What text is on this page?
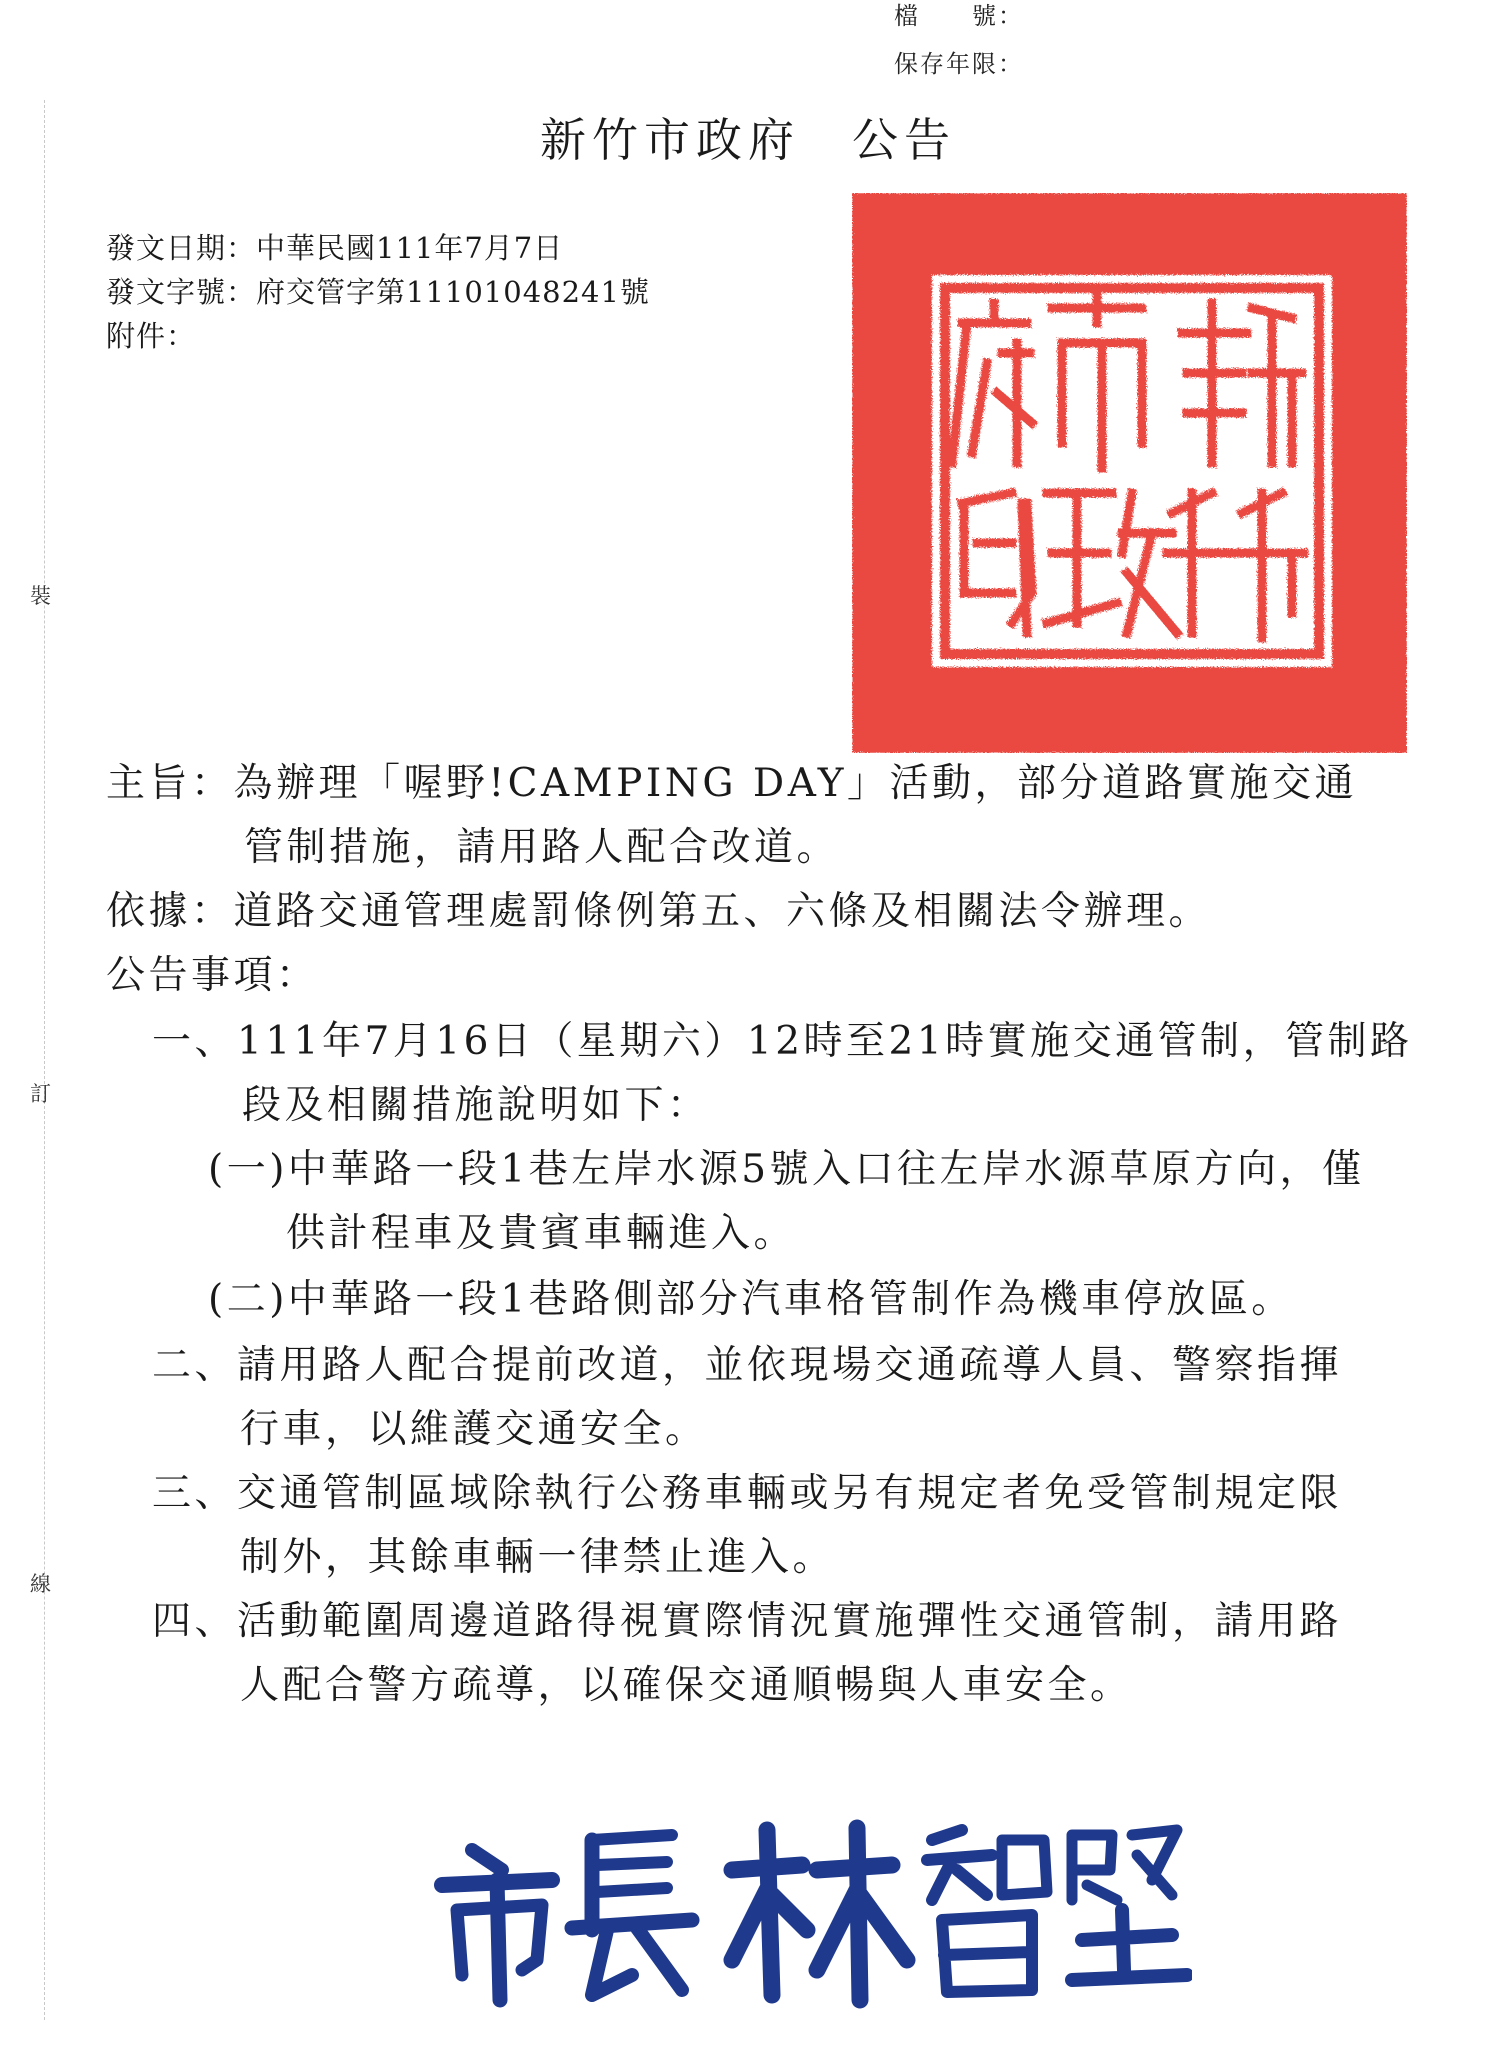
裝
訂
線
檔　　號：
保存年限：
新竹市政府　公告
發文日期：中華民國111年7月7日
發文字號：府交管字第11101048241號
附件：
主旨：為辦理「喔野!CAMPING DAY」活動，部分道路實施交通
管制措施，請用路人配合改道。
依據：道路交通管理處罰條例第五、六條及相關法令辦理。
公告事項：
一、111年7月16日（星期六）12時至21時實施交通管制，管制路
段及相關措施說明如下：
(一)中華路一段1巷左岸水源5號入口往左岸水源草原方向，僅
供計程車及貴賓車輛進入。
(二)中華路一段1巷路側部分汽車格管制作為機車停放區。
二、請用路人配合提前改道，並依現場交通疏導人員、警察指揮
行車，以維護交通安全。
三、交通管制區域除執行公務車輛或另有規定者免受管制規定限
制外，其餘車輛一律禁止進入。
四、活動範圍周邊道路得視實際情況實施彈性交通管制，請用路
人配合警方疏導，以確保交通順暢與人車安全。
